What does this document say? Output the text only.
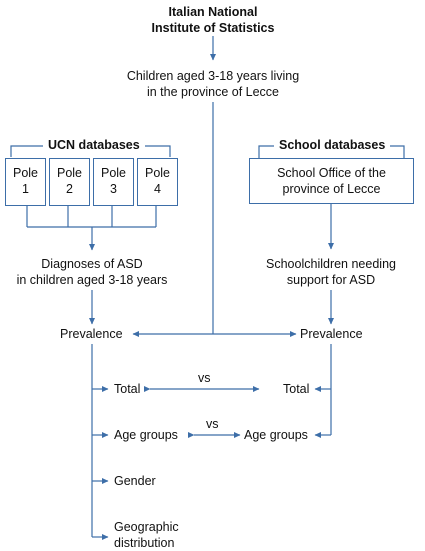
Italian National
Institute of Statistics
Children aged 3-18 years living
in the province of Lecce
UCN databases
Pole
1
Pole
2
Pole
3
Pole
4
School databases
School Office of the
province of Lecce
Diagnoses of ASD
in children aged 3-18 years
Schoolchildren needing
support for ASD
Prevalence	Prevalence
Total
vs
Total
Age groups
vs
Age groups
Gender
Geographic
distribution
